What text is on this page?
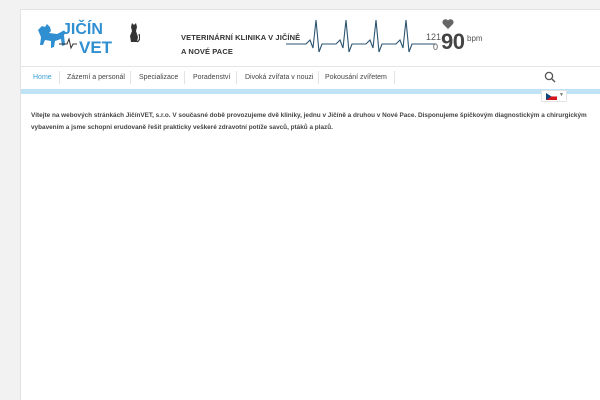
JIČÍN
VET
VETERINÁRNÍ KLINIKA V JIČÍNĚ
A NOVÉ PACE
121
0 90 bpm
Home	Zázemí a personál	Specializace	Poradenství	Divoká zvířata v nouzi	Pokousání zvířetem
▼
Vítejte na webových stránkách JičínVET, s.r.o. V současné době provozujeme dvě kliniky, jednu v Jičíně a druhou v Nové Pace. Disponujeme špičkovým diagnostickým a chirurgickým vybavením a jsme schopni erudovaně řešit prakticky veškeré zdravotní potíže savců, ptáků a plazů.
